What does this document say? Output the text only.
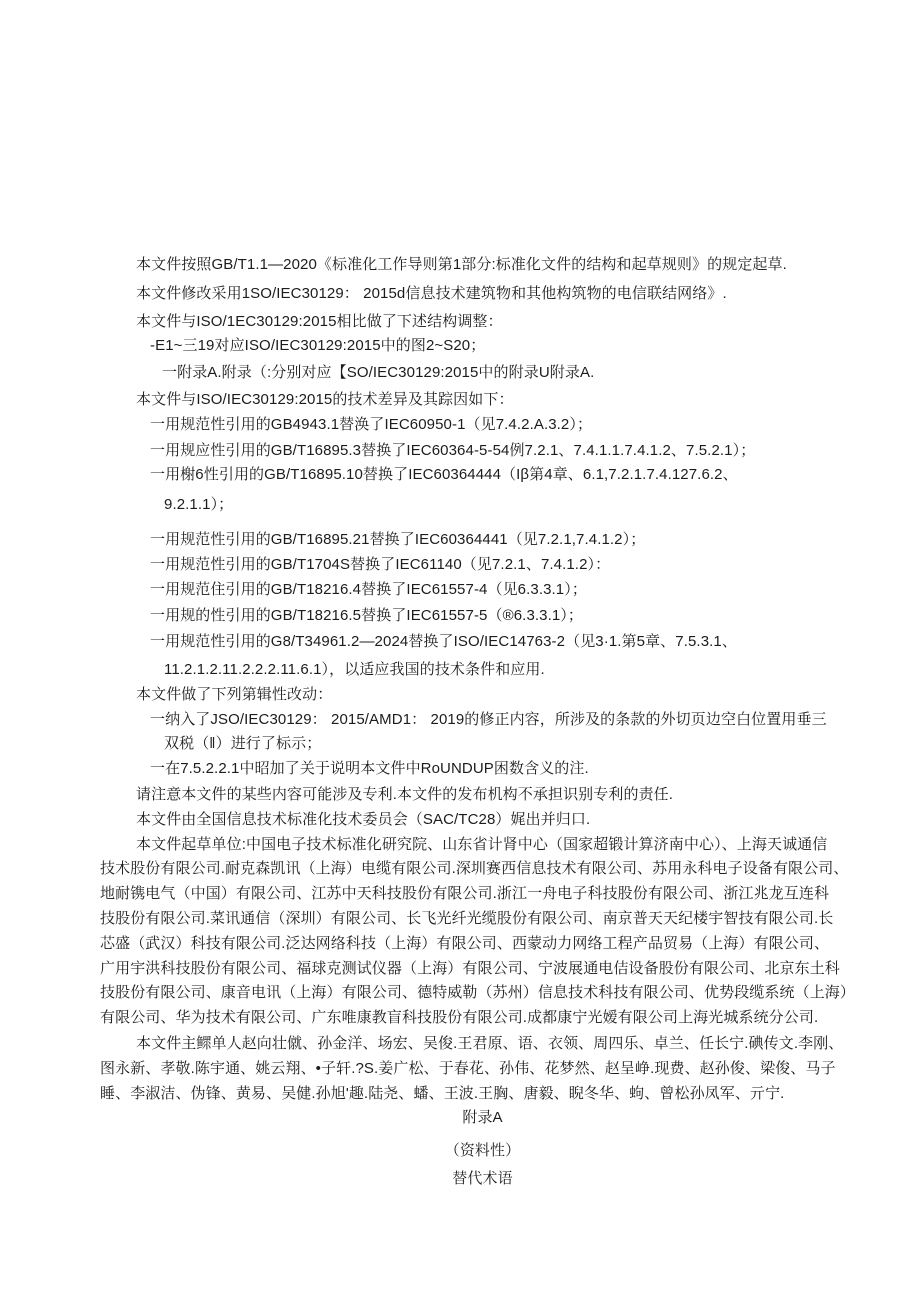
本文件按照GB/T1.1—2020《标准化工作导则第1部分:标准化文件的结构和起草规则》的规定起草.
本文件修改采用1SO/IEC30129： 2015d信息技术建筑物和其他构筑物的电信联结网络》.
本文件与ISO/1EC30129:2015相比做了下述结构调整：
-E1~三19对应ISO/IEC30129:2015中的图2~S20；
一附录A.附录（:分别对应【SO/IEC30129:2015中的附录U附录A.
本文件与ISO/IEC30129:2015的技术差异及其踪因如下：
一用规范性引用的GB4943.1替涣了IEC60950-1（见7.4.2.A.3.2）；
一用规应性引用的GB/T16895.3替换了IEC60364-5-54例7.2.1、7.4.1.1.7.4.1.2、7.5.2.1）；
一用榭6性引用的GB/T16895.10替换了IEC60364444（Iβ第4章、6.1,7.2.1.7.4.127.6.2、
9.2.1.1）；
一用规范性引用的GB/T16895.21替换了IEC60364441（见7.2.1,7.4.1.2）；
一用规范性引用的GB/T1704S替换了IEC61140（见7.2.1、7.4.1.2）：
一用规范住引用的GB/T18216.4替换了IEC61557-4（见6.3.3.1）；
一用规的性引用的GB/T18216.5替换了IEC61557-5（®6.3.3.1）；
一用规范性引用的G8/T34961.2—2024替换了ISO/IEC14763-2（见3·1.第5章、7.5.3.1、
11.2.1.2.11.2.2.2.11.6.1），以适应我国的技术条件和应用.
本文件做了下列第辑性改动：
一纳入了JSO/IEC30129： 2015/AMD1： 2019的修正内容，所涉及的条款的外切页边空白位置用垂三
双税（‖）进行了标示；
一在7.5.2.2.1中昭加了关于说明本文件中RoUNDUP困数含义的注.
请注意本文件的某些内容可能涉及专利.本文件的发布机构不承担识别专利的责任.
本文件由全国信息技术标准化技术委员会（SAC/TC28）娓出并归口.
本文件起草单位:中国电子技术标准化研究院、山东省计肾中心（国家超锻计算济南中心）、上海天诚通信
技术股份有限公司.耐克森凯讯（上海）电缆有限公司.深圳赛西信息技术有限公司、苏用永科电子设备有限公司、
地耐镌电气（中国）有限公司、江苏中天科技股份有限公司.浙江一舟电子科技股份有限公司、浙江兆龙互连科
技股份有限公司.菜讯通信（深圳）有限公司、长飞光纤光缆股份有限公司、南京普天天纪楼宇智技有限公司.长
芯盛（武汉）科技有限公司.泛达网络科技（上海）有限公司、西蒙动力网络工程产品贸易（上海）有限公司、
广用宇洪科技股份有限公司、福球克测试仪器（上海）有限公司、宁波展通电佶设备股份有限公司、北京东土科
技股份有限公司、康音电讯（上海）有限公司、德特威勒（苏州）信息技术科技有限公司、优势段缆系统（上海）
有限公司、华为技术有限公司、广东唯康教盲科技股份有限公司.成都康宁光嫒有限公司上海光城系统分公司.
本文件主鳏单人赵向壮僦、孙金洋、场宏、吴俊.王君原、语、衣领、周四乐、卓兰、任长宁.碘传文.李刚、
图永新、孝敬.陈宇通、姚云翔、•子轩.?S.姜广松、于春花、孙伟、花梦然、赵呈峥.现费、赵孙俊、梁俊、马子
睡、李淑洁、伪锋、黄易、吴健.孙旭'趣.陆尧、蟠、王波.王胸、唐毅、睨冬华、蚼、曾松孙凤军、亓宁.
附录A
（资料性）
替代术语
